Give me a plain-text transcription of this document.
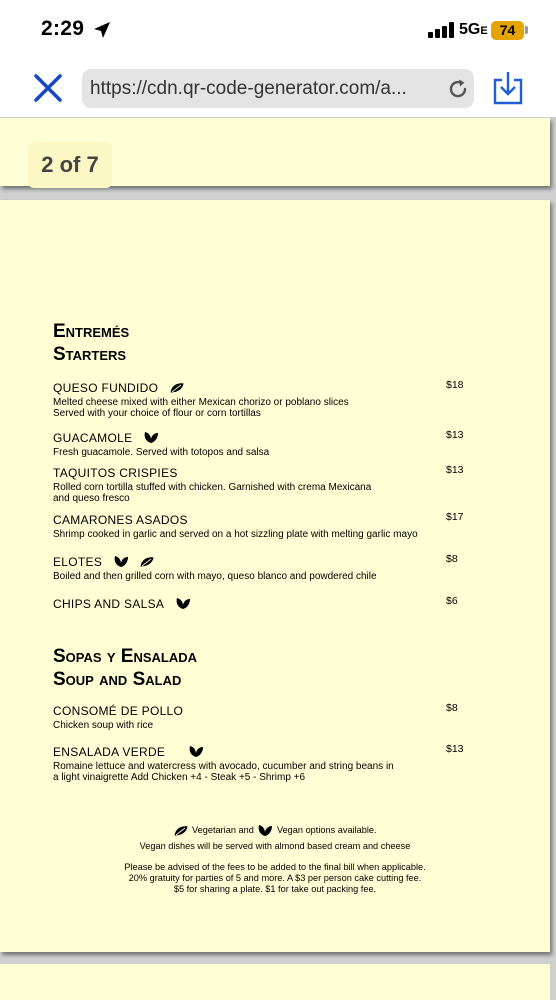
2:29	5GE 74
https://cdn.qr-code-generator.com/a...
2 of 7
Entremés
Starters
QUESO FUNDIDO	$18
Melted cheese mixed with either Mexican chorizo or poblano slices
Served with your choice of flour or corn tortillas
GUACAMOLE	$13
Fresh guacamole. Served with totopos and salsa
TAQUITOS CRISPIES	$13
Rolled corn tortilla stuffed with chicken. Garnished with crema Mexicana
and queso fresco
CAMARONES ASADOS	$17
Shrimp cooked in garlic and served on a hot sizzling plate with melting garlic mayo
ELOTES	$8
Boiled and then grilled corn with mayo, queso blanco and powdered chile
CHIPS AND SALSA	$6
Sopas y Ensalada
Soup and Salad
CONSOMÉ DE POLLO	$8
Chicken soup with rice
ENSALADA VERDE	$13
Romaine lettuce and watercress with avocado, cucumber and string beans in
a light vinaigrette Add Chicken +4 - Steak +5 - Shrimp +6
Vegetarian and	Vegan options available.
Vegan dishes will be served with almond based cream and cheese
Please be advised of the fees to be added to the final bill when applicable.
20% gratuity for parties of 5 and more. A $3 per person cake cutting fee.
$5 for sharing a plate. $1 for take out packing fee.
